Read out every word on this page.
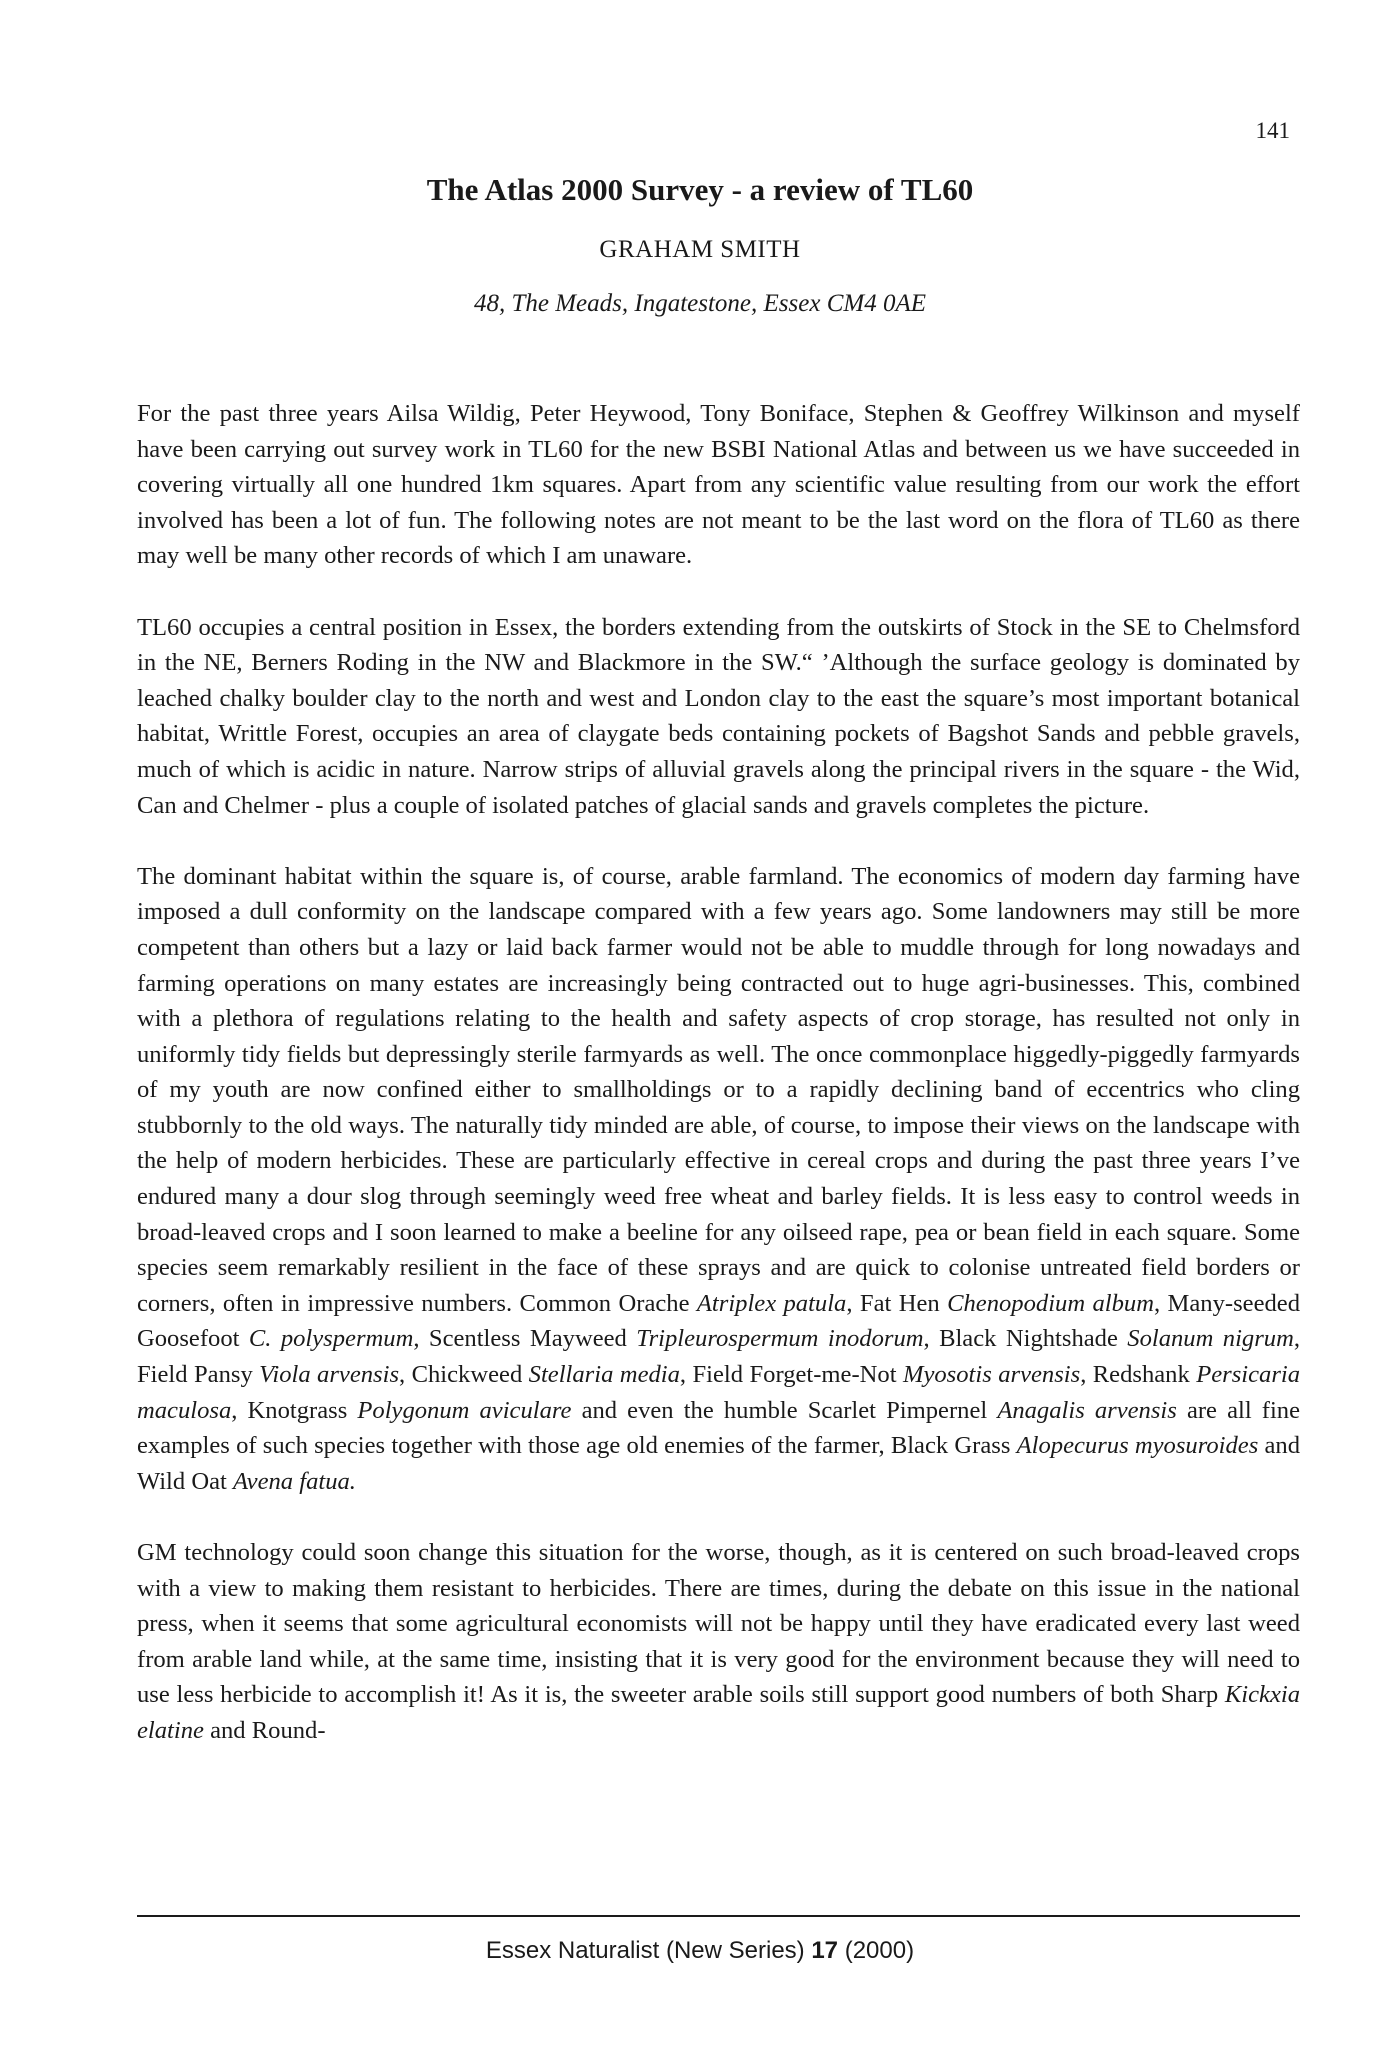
141
The Atlas 2000 Survey - a review of TL60
GRAHAM SMITH
48, The Meads, Ingatestone, Essex CM4 0AE

For the past three years Ailsa Wildig, Peter Heywood, Tony Boniface, Stephen & Geoffrey Wilkinson and myself have been carrying out survey work in TL60 for the new BSBI National Atlas and between us we have succeeded in covering virtually all one hundred 1km squares. Apart from any scientific value resulting from our work the effort involved has been a lot of fun. The following notes are not meant to be the last word on the flora of TL60 as there may well be many other records of which I am unaware.

TL60 occupies a central position in Essex, the borders extending from the outskirts of Stock in the SE to Chelmsford in the NE, Berners Roding in the NW and Blackmore in the SW.“ ’Although the surface geology is dominated by leached chalky boulder clay to the north and west and London clay to the east the square’s most important botanical habitat, Writtle Forest, occupies an area of claygate beds containing pockets of Bagshot Sands and pebble gravels, much of which is acidic in nature. Narrow strips of alluvial gravels along the principal rivers in the square - the Wid, Can and Chelmer - plus a couple of isolated patches of glacial sands and gravels completes the picture.

The dominant habitat within the square is, of course, arable farmland. The economics of modern day farming have imposed a dull conformity on the landscape compared with a few years ago. Some landowners may still be more competent than others but a lazy or laid back farmer would not be able to muddle through for long nowadays and farming operations on many estates are increasingly being contracted out to huge agri-businesses. This, combined with a plethora of regulations relating to the health and safety aspects of crop storage, has resulted not only in uniformly tidy fields but depressingly sterile farmyards as well. The once commonplace higgedly-piggedly farmyards of my youth are now confined either to smallholdings or to a rapidly declining band of eccentrics who cling stubbornly to the old ways. The naturally tidy minded are able, of course, to impose their views on the landscape with the help of modern herbicides. These are particularly effective in cereal crops and during the past three years I’ve endured many a dour slog through seemingly weed free wheat and barley fields. It is less easy to control weeds in broad-leaved crops and I soon learned to make a beeline for any oilseed rape, pea or bean field in each square. Some species seem remarkably resilient in the face of these sprays and are quick to colonise untreated field borders or corners, often in impressive numbers. Common Orache Atriplex patula, Fat Hen Chenopodium album, Many-seeded Goosefoot C. polyspermum, Scentless Mayweed Tripleurospermum inodorum, Black Nightshade Solanum nigrum, Field Pansy Viola arvensis, Chickweed Stellaria media, Field Forget-me-Not Myosotis arvensis, Redshank Persicaria maculosa, Knotgrass Polygonum aviculare and even the humble Scarlet Pimpernel Anagalis arvensis are all fine examples of such species together with those age old enemies of the farmer, Black Grass Alopecurus myosuroides and Wild Oat Avena fatua.

GM technology could soon change this situation for the worse, though, as it is centered on such broad-leaved crops with a view to making them resistant to herbicides. There are times, during the debate on this issue in the national press, when it seems that some agricultural economists will not be happy until they have eradicated every last weed from arable land while, at the same time, insisting that it is very good for the environment because they will need to use less herbicide to accomplish it! As it is, the sweeter arable soils still support good numbers of both Sharp Kickxia elatine and Round-

Essex Naturalist (New Series) 17 (2000)
